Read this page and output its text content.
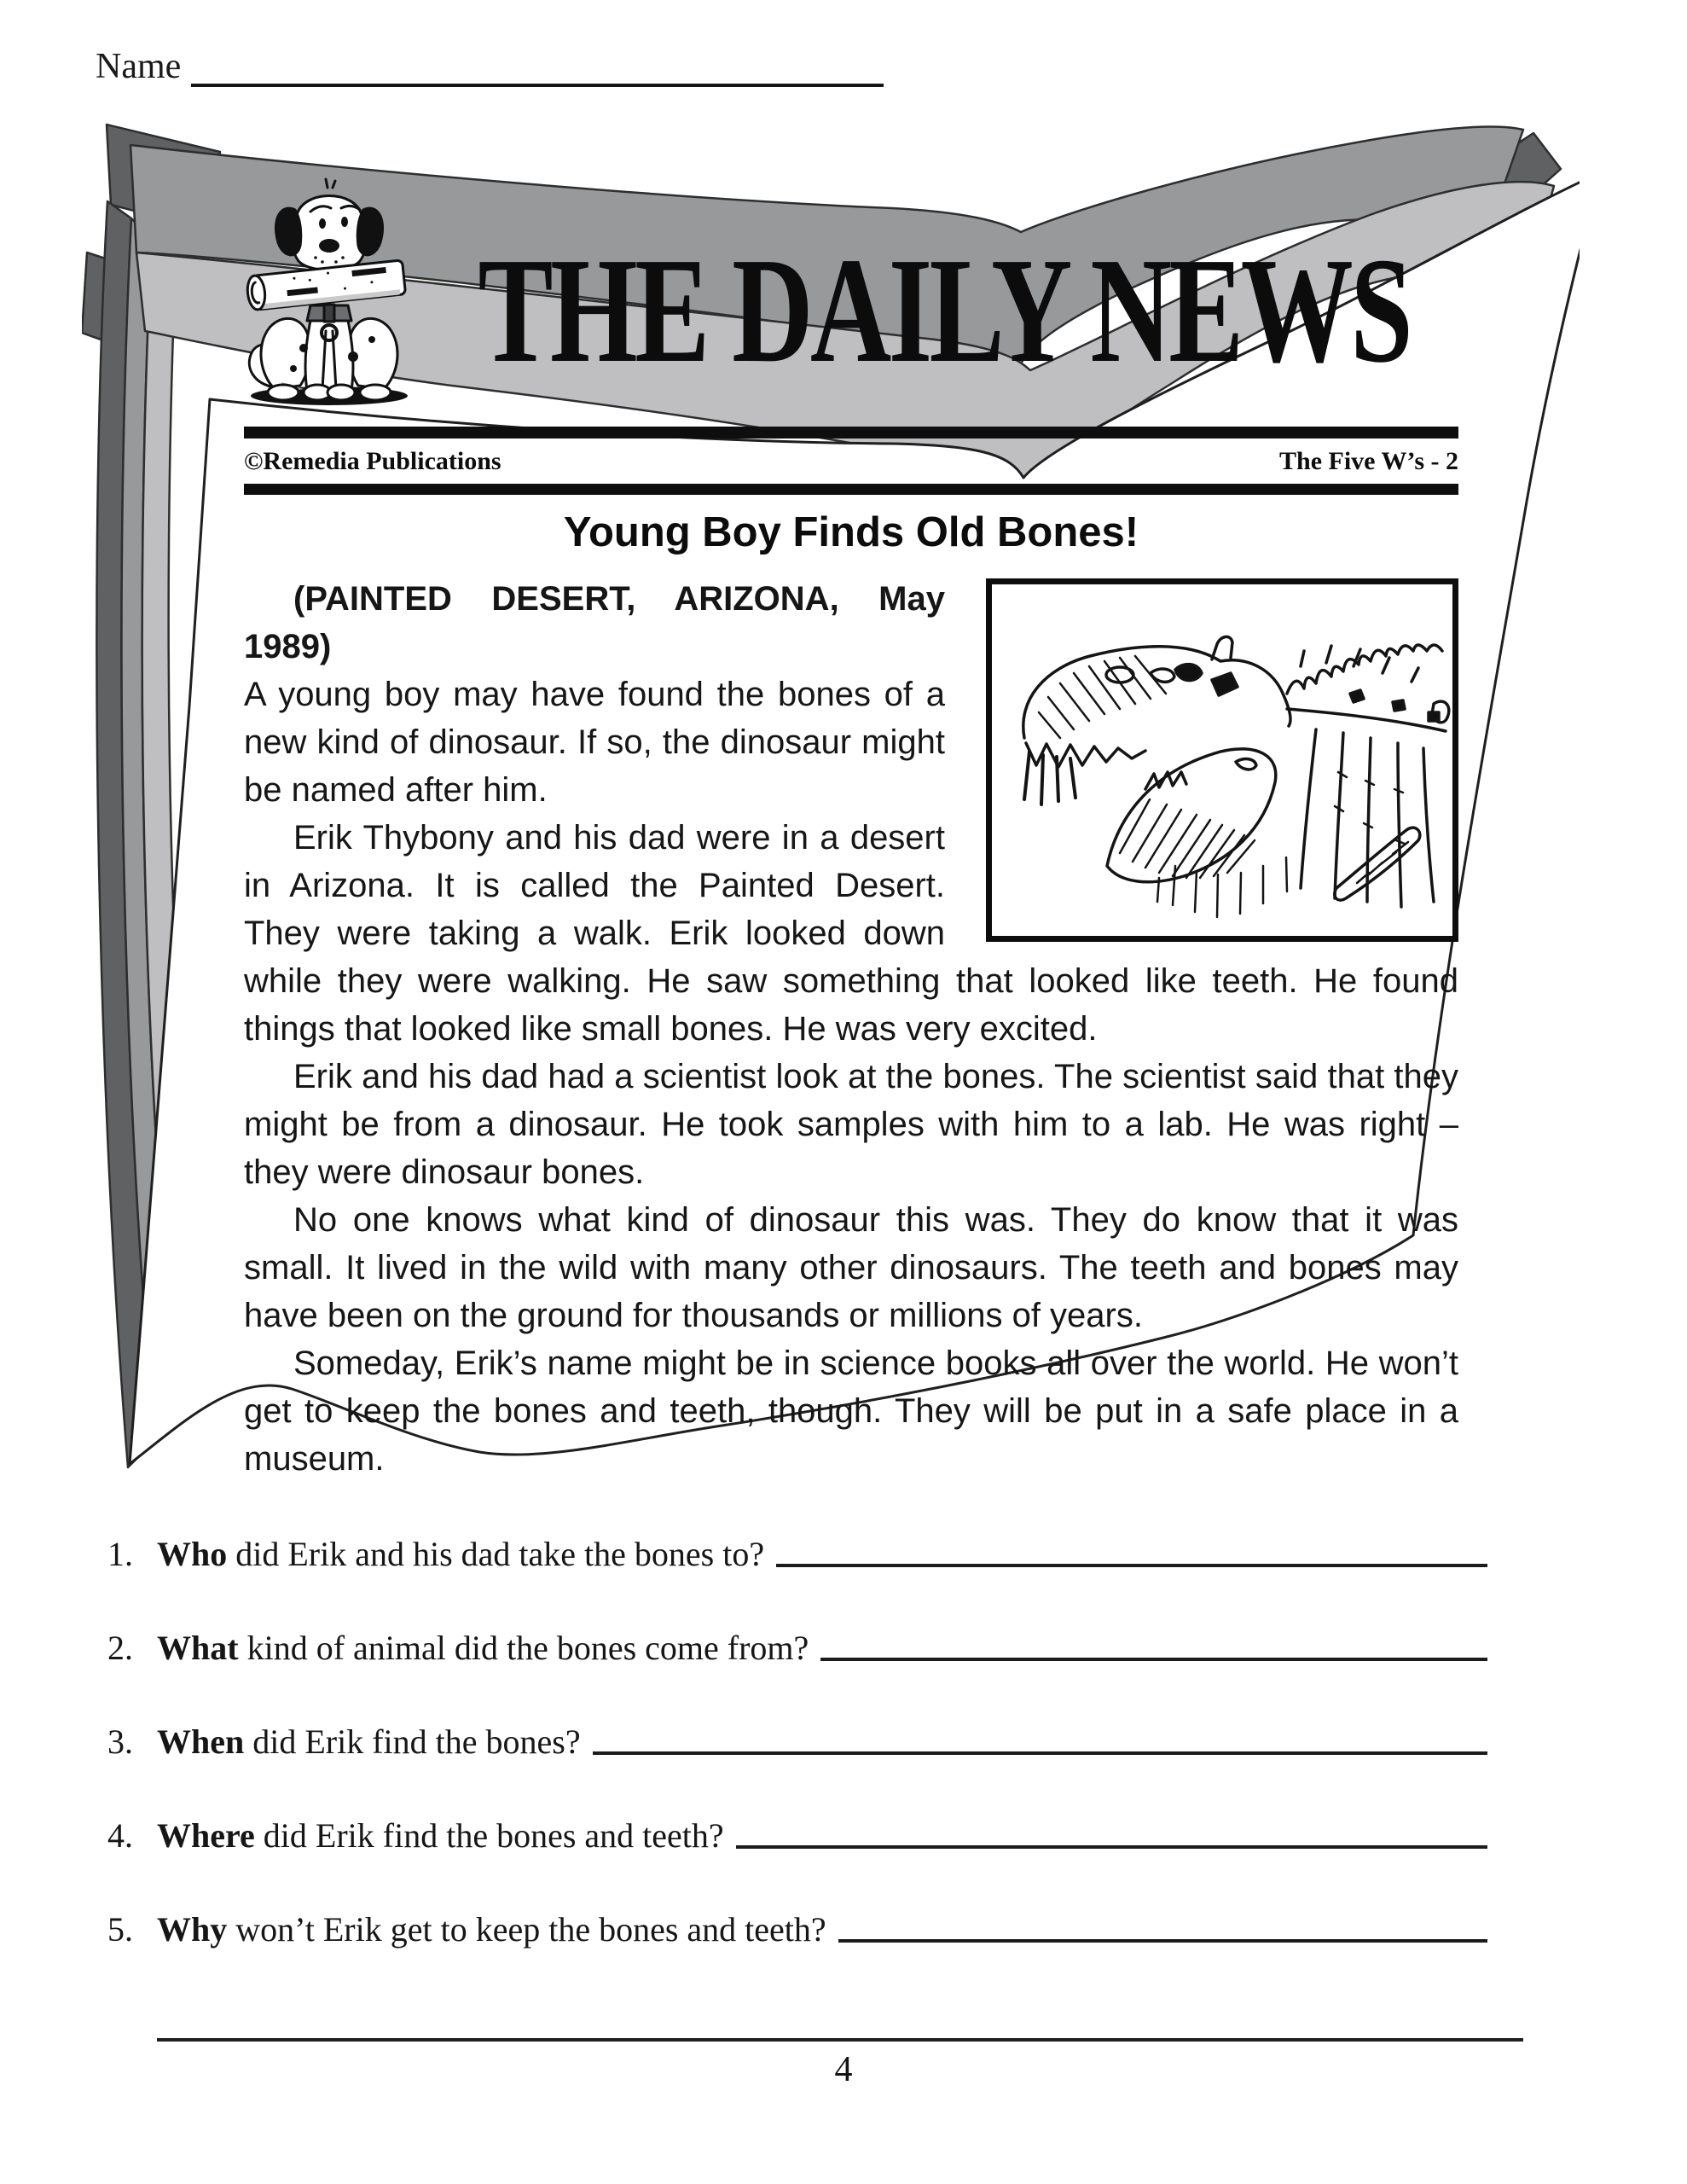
Name
THE DAILY NEWS
©Remedia Publications	The Five W’s - 2
Young Boy Finds Old Bones!

(PAINTED DESERT, ARIZONA, May 1989)
A young boy may have found the bones of a new kind of dinosaur. If so, the dinosaur might be named after him.

Erik Thybony and his dad were in a desert in Arizona. It is called the Painted Desert. They were taking a walk. Erik looked down while they were walking. He saw something that looked like teeth. He found things that looked like small bones. He was very excited.

Erik and his dad had a scientist look at the bones. The scientist said that they might be from a dinosaur. He took samples with him to a lab. He was right – they were dinosaur bones.

No one knows what kind of dinosaur this was. They do know that it was small. It lived in the wild with many other dinosaurs. The teeth and bones may have been on the ground for thousands or millions of years.

Someday, Erik’s name might be in science books all over the world. He won’t get to keep the bones and teeth, though. They will be put in a safe place in a museum.

1. Who did Erik and his dad take the bones to?
2. What kind of animal did the bones come from?
3. When did Erik find the bones?
4. Where did Erik find the bones and teeth?
5. Why won’t Erik get to keep the bones and teeth?
4
